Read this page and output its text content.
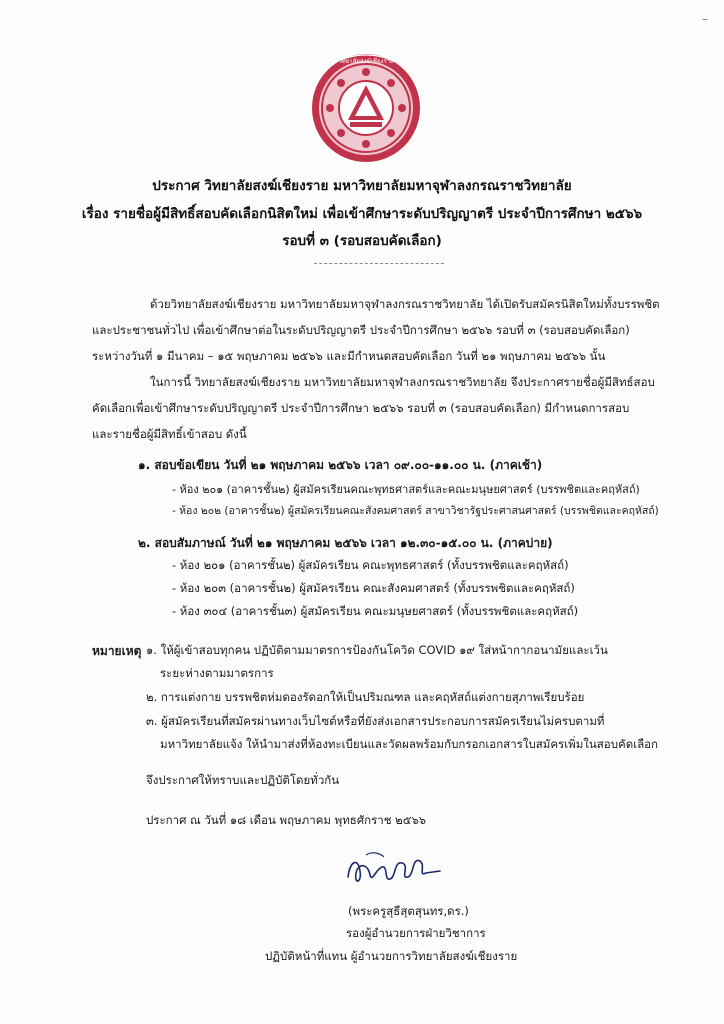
–
วิทยาลัยสงฆ์เชียงราย
ประกาศ วิทยาลัยสงฆ์เชียงราย มหาวิทยาลัยมหาจุฬาลงกรณราชวิทยาลัย
เรื่อง รายชื่อผู้มีสิทธิ์สอบคัดเลือกนิสิตใหม่ เพื่อเข้าศึกษาระดับปริญญาตรี ประจำปีการศึกษา ๒๕๖๖
รอบที่ ๓ (รอบสอบคัดเลือก)
ด้วยวิทยาลัยสงฆ์เชียงราย มหาวิทยาลัยมหาจุฬาลงกรณราชวิทยาลัย ได้เปิดรับสมัครนิสิตใหม่ทั้งบรรพชิต
และประชาชนทั่วไป เพื่อเข้าศึกษาต่อในระดับปริญญาตรี ประจำปีการศึกษา ๒๕๖๖ รอบที่ ๓ (รอบสอบคัดเลือก)
ระหว่างวันที่ ๑ มีนาคม – ๑๕ พฤษภาคม ๒๕๖๖ และมีกำหนดสอบคัดเลือก วันที่ ๒๑ พฤษภาคม ๒๕๖๖ นั้น
ในการนี้ วิทยาลัยสงฆ์เชียงราย มหาวิทยาลัยมหาจุฬาลงกรณราชวิทยาลัย จึงประกาศรายชื่อผู้มีสิทธ์สอบ
คัดเลือกเพื่อเข้าศึกษาระดับปริญญาตรี ประจำปีการศึกษา ๒๕๖๖ รอบที่ ๓ (รอบสอบคัดเลือก) มีกำหนดการสอบ
และรายชื่อผู้มีสิทธิ์เข้าสอบ ดังนี้
๑. สอบข้อเขียน วันที่ ๒๑ พฤษภาคม ๒๕๖๖ เวลา ๐๙.๐๐-๑๑.๐๐ น. (ภาคเช้า)
- ห้อง ๒๐๑ (อาคารชั้น๒) ผู้สมัครเรียนคณะพุทธศาสตร์และคณะมนุษยศาสตร์ (บรรพชิตและคฤหัสถ์)
- ห้อง ๒๐๒ (อาคารชั้น๒) ผู้สมัครเรียนคณะสังคมศาสตร์ สาขาวิชารัฐประศาสนศาสตร์ (บรรพชิตและคฤหัสถ์)
๒. สอบสัมภาษณ์ วันที่ ๒๑ พฤษภาคม ๒๕๖๖ เวลา ๑๒.๓๐-๑๕.๐๐ น. (ภาคบ่าย)
- ห้อง ๒๐๑ (อาคารชั้น๒) ผู้สมัครเรียน คณะพุทธศาสตร์ (ทั้งบรรพชิตและคฤหัสถ์)
- ห้อง ๒๐๓ (อาคารชั้น๒) ผู้สมัครเรียน คณะสังคมศาสตร์ (ทั้งบรรพชิตและคฤหัสถ์)
- ห้อง ๓๐๔ (อาคารชั้น๓) ผู้สมัครเรียน คณะมนุษยศาสตร์ (ทั้งบรรพชิตและคฤหัสถ์)
หมายเหตุ ๑. ให้ผู้เข้าสอบทุกคน ปฏิบัติตามมาตรการป้องกันโควิด COVID ๑๙ ใส่หน้ากากอนามัยและเว้น
ระยะห่างตามมาตรการ
๒. การแต่งกาย บรรพชิตห่มดองรัดอกให้เป็นปริมณฑล และคฤหัสถ์แต่งกายสุภาพเรียบร้อย
๓. ผู้สมัครเรียนที่สมัครผ่านทางเว็บไซต์หรือที่ยังส่งเอกสารประกอบการสมัครเรียนไม่ครบตามที่
มหาวิทยาลัยแจ้ง ให้นำมาส่งที่ห้องทะเบียนและวัดผลพร้อมกับกรอกเอกสารใบสมัครเพิ่มในสอบคัดเลือก
จึงประกาศให้ทราบและปฏิบัติโดยทั่วกัน
ประกาศ ณ วันที่ ๑๘ เดือน พฤษภาคม พุทธศักราช ๒๕๖๖
(พระครูสุธีสุตสุนทร,ดร.)
รองผู้อำนวยการฝ่ายวิชาการ
ปฏิบัติหน้าที่แทน ผู้อำนวยการวิทยาลัยสงฆ์เชียงราย
